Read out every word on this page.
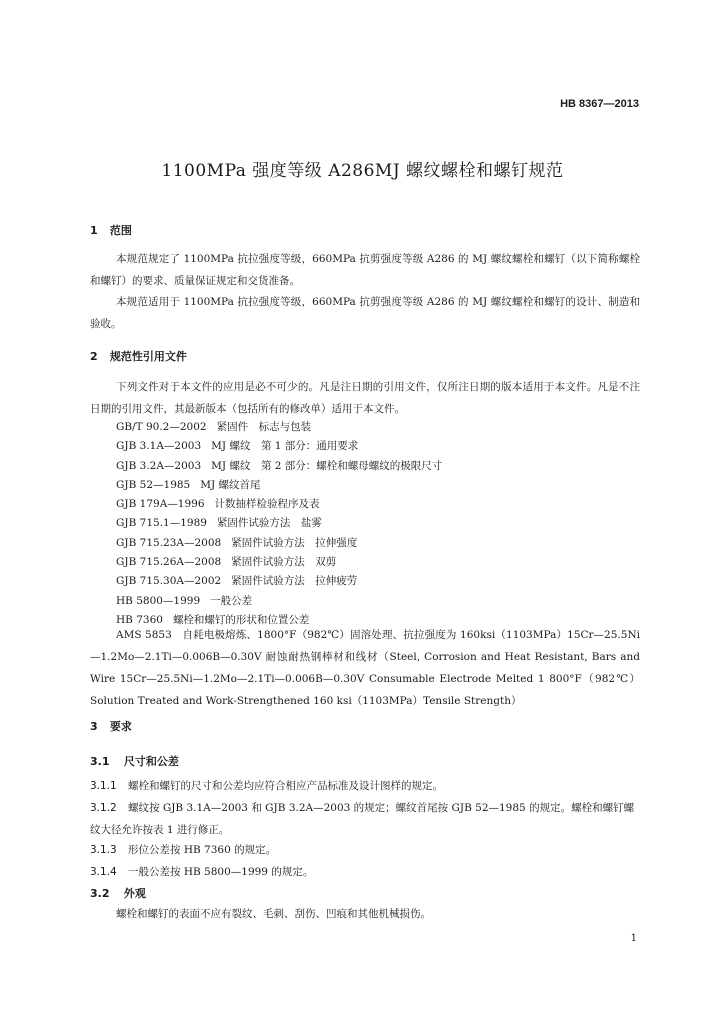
HB 8367—2013
1100MPa 强度等级 A286MJ 螺纹螺栓和螺钉规范
1 范围
本规范规定了 1100MPa 抗拉强度等级，660MPa 抗剪强度等级 A286 的 MJ 螺纹螺栓和螺钉（以下简称螺栓和螺钉）的要求、质量保证规定和交货准备。
本规范适用于 1100MPa 抗拉强度等级，660MPa 抗剪强度等级 A286 的 MJ 螺纹螺栓和螺钉的设计、制造和验收。
2 规范性引用文件
下列文件对于本文件的应用是必不可少的。凡是注日期的引用文件，仅所注日期的版本适用于本文件。凡是不注日期的引用文件，其最新版本（包括所有的修改单）适用于本文件。
GB/T 90.2—2002 紧固件　标志与包装
GJB 3.1A—2003 MJ 螺纹　第 1 部分：通用要求
GJB 3.2A—2003 MJ 螺纹　第 2 部分：螺栓和螺母螺纹的极限尺寸
GJB 52—1985 MJ 螺纹首尾
GJB 179A—1996 计数抽样检验程序及表
GJB 715.1—1989 紧固件试验方法　盐雾
GJB 715.23A—2008 紧固件试验方法　拉伸强度
GJB 715.26A—2008 紧固件试验方法　双剪
GJB 715.30A—2002 紧固件试验方法　拉伸疲劳
HB 5800—1999 一般公差
HB 7360 螺栓和螺钉的形状和位置公差
AMS 5853　自耗电极熔炼、1800°F（982℃）固溶处理、抗拉强度为 160ksi（1103MPa）15Cr—25.5Ni—1.2Mo—2.1Ti—0.006B—0.30V 耐蚀耐热钢棒材和线材（Steel, Corrosion and Heat Resistant, Bars and Wire 15Cr—25.5Ni—1.2Mo—2.1Ti—0.006B—0.30V Consumable Electrode Melted 1 800°F（982℃）Solution Treated and Work-Strengthened 160 ksi（1103MPa）Tensile Strength）
3 要求
3.1 尺寸和公差
3.1.1 螺栓和螺钉的尺寸和公差均应符合相应产品标准及设计图样的规定。
3.1.2 螺纹按 GJB 3.1A—2003 和 GJB 3.2A—2003 的规定；螺纹首尾按 GJB 52—1985 的规定。螺栓和螺钉螺纹大径允许按表 1 进行修正。
3.1.3 形位公差按 HB 7360 的规定。
3.1.4 一般公差按 HB 5800—1999 的规定。
3.2 外观
螺栓和螺钉的表面不应有裂纹、毛刺、刮伤、凹痕和其他机械损伤。
1
